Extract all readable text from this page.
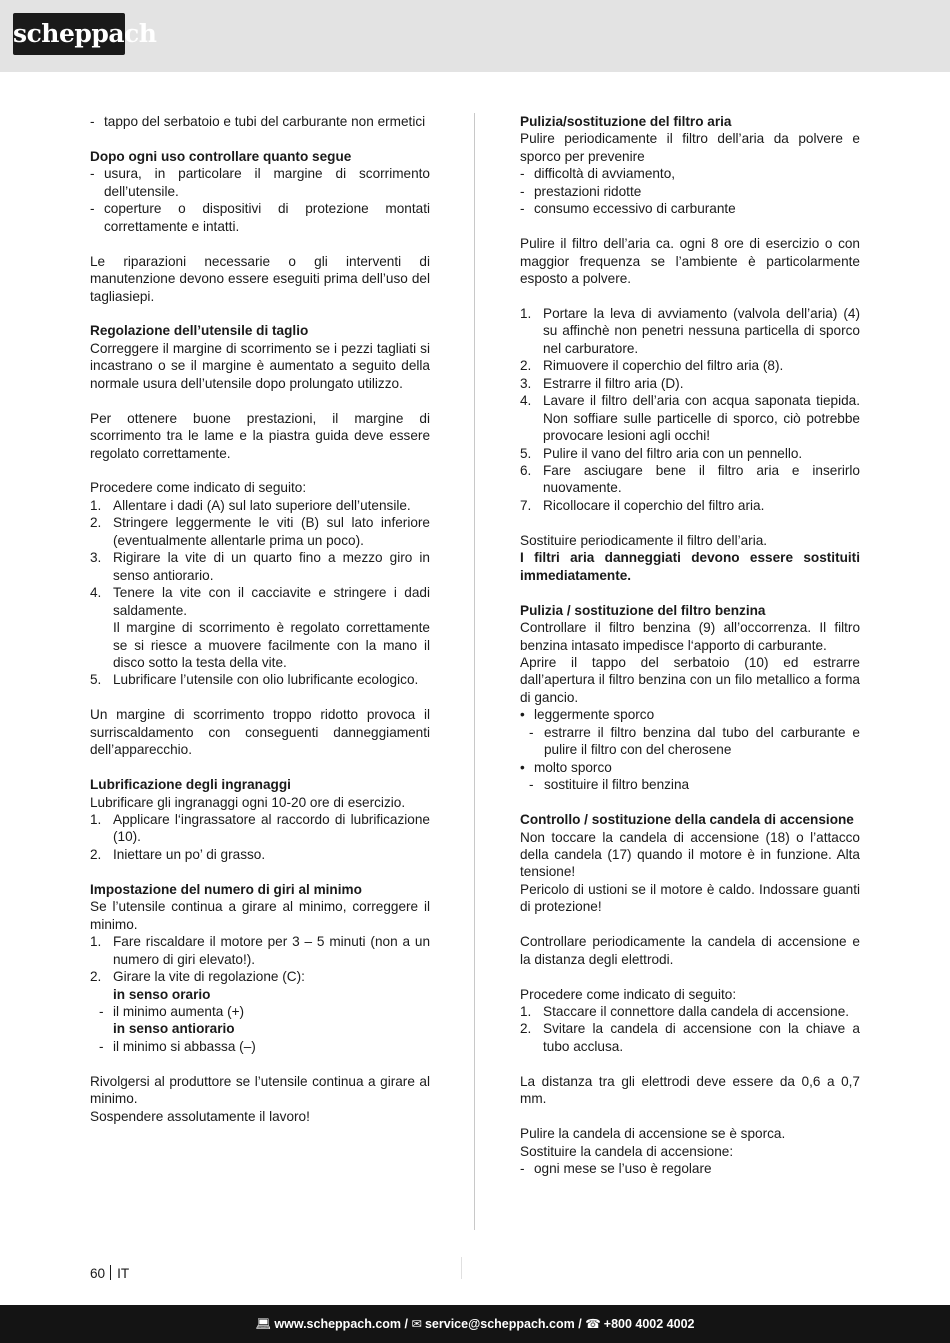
scheppach
- tappo del serbatoio e tubi del carburante non ermetici

Dopo ogni uso controllare quanto segue

- usura, in particolare il margine di scorrimento dell’utensile.
- coperture o dispositivi di protezione montati correttamente e intatti.

Le riparazioni necessarie o gli interventi di manutenzione devono essere eseguiti prima dell’uso del tagliasiepi.

Regolazione dell’utensile di taglio

Correggere il margine di scorrimento se i pezzi tagliati si incastrano o se il margine è aumentato a seguito della normale usura dell’utensile dopo prolungato utilizzo.

Per ottenere buone prestazioni, il margine di scorrimento tra le lame e la piastra guida deve essere regolato correttamente.

Procedere come indicato di seguito:

1. Allentare i dadi (A) sul lato superiore dell’utensile.
2. Stringere leggermente le viti (B) sul lato inferiore (eventualmente allentarle prima un poco).
3. Rigirare la vite di un quarto fino a mezzo giro in senso antiorario.
4. Tenere la vite con il cacciavite e stringere i dadi saldamente.

Il margine di scorrimento è regolato correttamente se si riesce a muovere facilmente con la mano il disco sotto la testa della vite.

5. Lubrificare l’utensile con olio lubrificante ecologico.

Un margine di scorrimento troppo ridotto provoca il surriscaldamento con conseguenti danneggiamenti dell’apparecchio.

Lubrificazione degli ingranaggi

Lubrificare gli ingranaggi ogni 10-20 ore di esercizio.

1. Applicare l‘ingrassatore al raccordo di lubrificazione (10).
2. Iniettare un po’ di grasso.

Impostazione del numero di giri al minimo

Se l’utensile continua a girare al minimo, correggere il minimo.

1. Fare riscaldare il motore per 3 – 5 minuti (non a un numero di giri elevato!).
2. Girare la vite di regolazione (C):

in senso orario

- il minimo aumenta (+)

in senso antiorario

- il minimo si abbassa (–)

Rivolgersi al produttore se l’utensile continua a girare al minimo.

Sospendere assolutamente il lavoro!

Pulizia/sostituzione del filtro aria

Pulire periodicamente il filtro dell’aria da polvere e sporco per prevenire

- difficoltà di avviamento,
- prestazioni ridotte
- consumo eccessivo di carburante

Pulire il filtro dell’aria ca. ogni 8 ore di esercizio o con maggior frequenza se l’ambiente è particolarmente esposto a polvere.

1. Portare la leva di avviamento (valvola dell’aria) (4) su affinchè non penetri nessuna particella di sporco nel carburatore.
2. Rimuovere il coperchio del filtro aria (8).
3. Estrarre il filtro aria (D).
4. Lavare il filtro dell’aria con acqua saponata tiepida. Non soffiare sulle particelle di sporco, ciò potrebbe provocare lesioni agli occhi!
5. Pulire il vano del filtro aria con un pennello.
6. Fare asciugare bene il filtro aria e inserirlo nuovamente.
7. Ricollocare il coperchio del filtro aria.

Sostituire periodicamente il filtro dell’aria.

I filtri aria danneggiati devono essere sostituiti immediatamente.

Pulizia / sostituzione del filtro benzina

Controllare il filtro benzina (9) all’occorrenza. Il filtro benzina intasato impedisce l‘apporto di carburante.

Aprire il tappo del serbatoio (10) ed estrarre dall’apertura il filtro benzina con un filo metallico a forma di gancio.

• leggermente sporco
- estrarre il filtro benzina dal tubo del carburante e pulire il filtro con del cherosene
• molto sporco
- sostituire il filtro benzina

Controllo / sostituzione della candela di accensione

Non toccare la candela di accensione (18) o l’attacco della candela (17) quando il motore è in funzione. Alta tensione!

Pericolo di ustioni se il motore è caldo. Indossare guanti di protezione!

Controllare periodicamente la candela di accensione e la distanza degli elettrodi.

Procedere come indicato di seguito:

1. Staccare il connettore dalla candela di accensione.
2. Svitare la candela di accensione con la chiave a tubo acclusa.

La distanza tra gli elettrodi deve essere da 0,6 a 0,7 mm.

Pulire la candela di accensione se è sporca.

Sostituire la candela di accensione:

- ogni mese se l’uso è regolare
60 IT
💻︎ www.scheppach.com / ✉︎ service@scheppach.com / ☎︎ +800 4002 4002
